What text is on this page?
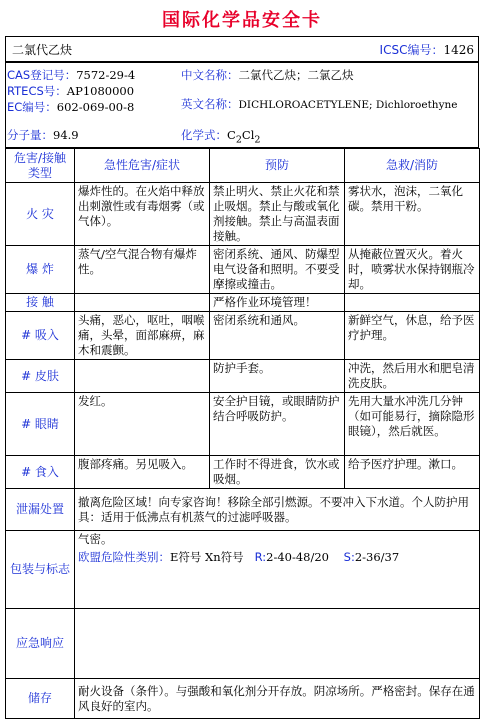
国际化学品安全卡
二氯代乙炔	ICSC编号：1426
CAS登记号：7572-29-4
RTECS号：AP1080000
EC编号：602-069-00-8
分子量：94.9
中文名称：二氯代乙炔；二氯乙炔
英文名称：DICHLOROACETYLENE; Dichloroethyne
化学式：$C_2Cl_2$
危害/接触类型	急性危害/症状	预防	急救/消防
火 灾	爆炸性的。在火焰中释放出刺激性或有毒烟雾（或气体）。	禁止明火、禁止火花和禁止吸烟。禁止与酸或氧化剂接触。禁止与高温表面接触。	雾状水，泡沫，二氧化碳。禁用干粉。
爆 炸	蒸气/空气混合物有爆炸性。	密闭系统、通风、防爆型电气设备和照明。不要受摩擦或撞击。	从掩蔽位置灭火。着火时，喷雾状水保持钢瓶冷却。
接 触		严格作业环境管理！	
# 吸入	头痛，恶心，呕吐，咽喉痛，头晕，面部麻痹，麻木和震颤。	密闭系统和通风。	新鲜空气，休息，给予医疗护理。
# 皮肤		防护手套。	冲洗，然后用水和肥皂清洗皮肤。
# 眼睛	发红。	安全护目镜，或眼睛防护结合呼吸防护。	先用大量水冲洗几分钟（如可能易行，摘除隐形眼镜），然后就医。
# 食入	腹部疼痛。另见吸入。	工作时不得进食，饮水或吸烟。	给予医疗护理。漱口。
泄漏处置	撤离危险区域！向专家咨询！移除全部引燃源。不要冲入下水道。个人防护用具：适用于低沸点有机蒸气的过滤呼吸器。		
包装与标志	气密。
欧盟危险性类别：E符号 Xn符号 R:2-40-48/20 S:2-36/37		

应急响应			
储存	耐火设备（条件）。与强酸和氧化剂分开存放。阴凉场所。严格密封。保存在通风良好的室内。		
